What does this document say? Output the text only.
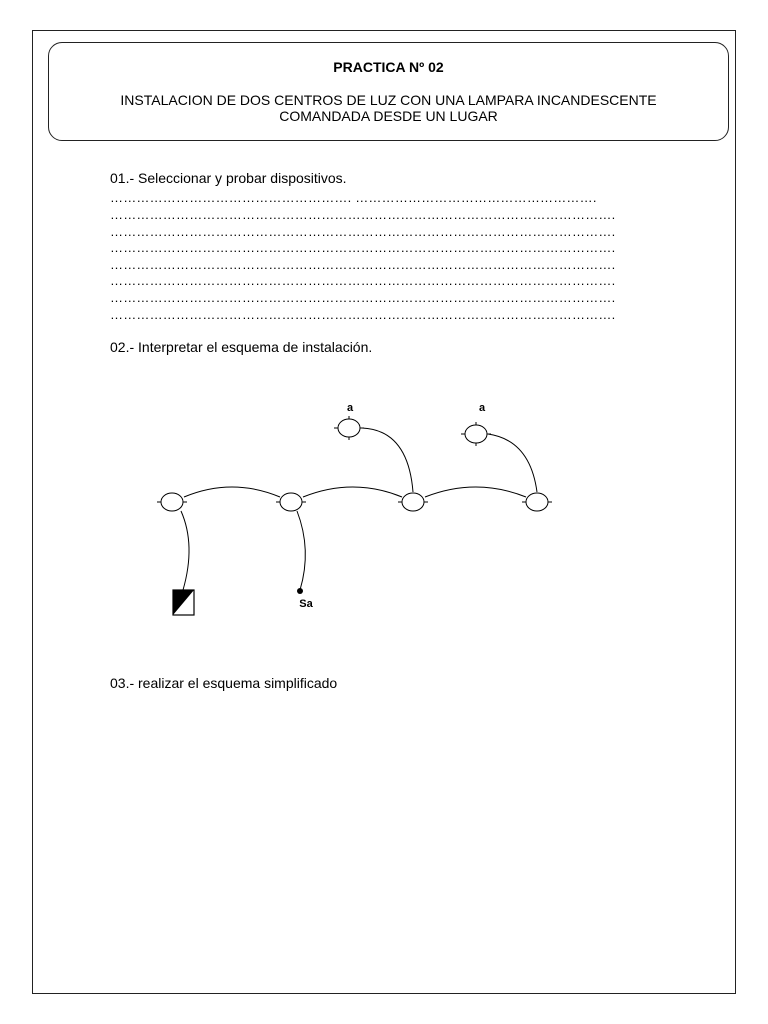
PRACTICA Nº 02
INSTALACION DE DOS CENTROS DE LUZ CON UNA LAMPARA INCANDESCENTE
COMANDADA DESDE UN LUGAR
01.- Seleccionar y probar dispositivos.
………………………………………………. ……………………………………………….
…………………………………………………………………………………………………….
…………………………………………………………………………………………………….
…………………………………………………………………………………………………….
…………………………………………………………………………………………………….
…………………………………………………………………………………………………….
…………………………………………………………………………………………………….
…………………………………………………………………………………………………….
02.- Interpretar el esquema de instalación.
a	a
Sa
03.- realizar el esquema simplificado
